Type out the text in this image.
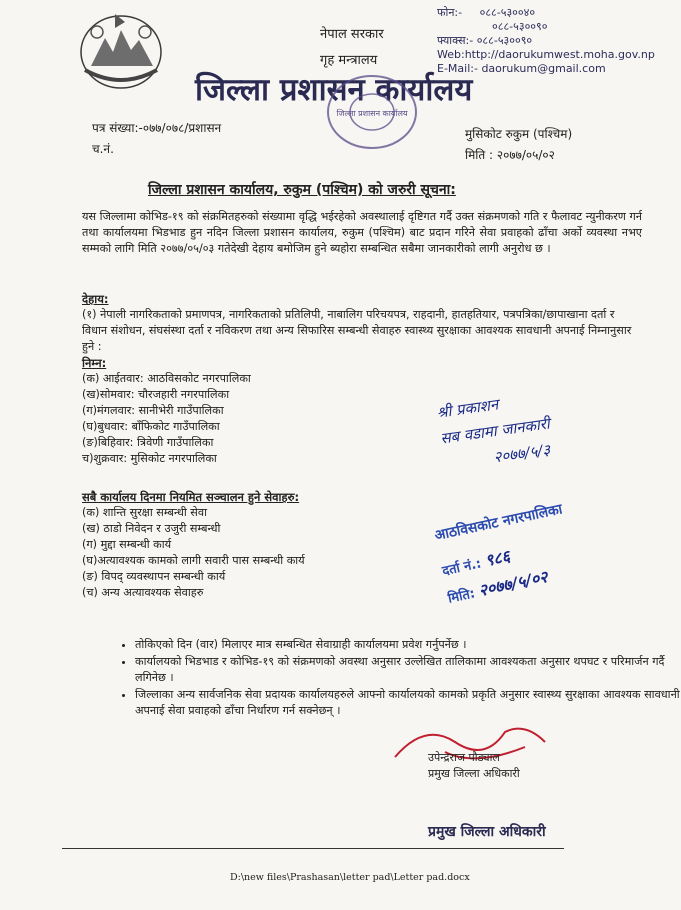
नेपाल सरकार
गृह मन्त्रालय
फोन:- ०८८-५३००४०
०८८-५३००९०
फ्याक्स:- ०८८-५३००९०
Web:http://daorukumwest.moha.gov.np
E-Mail:- daorukum@gmail.com
जिल्ला प्रशासन कार्यालय
जिल्ला प्रशासन कार्यालय
पत्र संख्या:-०७७/०७८/प्रशासन
च.नं.
मुसिकोट रुकुम (पश्चिम)
मिति : २०७७/०५/०२
जिल्ला प्रशासन कार्यालय, रुकुम (पश्चिम) को जरुरी सूचना:
यस जिल्लामा कोभिड-१९ को संक्रमितहरुको संख्यामा वृद्धि भईरहेको अवस्थालाई दृष्टिगत गर्दै उक्त संक्रमणको गति र फैलावट न्युनीकरण गर्न तथा कार्यालयमा भिडभाड हुन नदिन जिल्ला प्रशासन कार्यालय, रुकुम (पश्चिम) बाट प्रदान गरिने सेवा प्रवाहको ढाँचा अर्को व्यवस्था नभए सम्मको लागि मिति २०७७/०५/०३ गतेदेखी देहाय बमोजिम हुने ब्यहोरा सम्बन्धित सबैमा जानकारीको लागी अनुरोध छ ।
देहाय:
(१) नेपाली नागरिकताको प्रमाणपत्र, नागरिकताको प्रतिलिपी, नाबालिग परिचयपत्र, राहदानी, हातहतियार, पत्रपत्रिका/छापाखाना दर्ता र विधान संशोधन, संघसंस्था दर्ता र नविकरण तथा अन्य सिफारिस सम्बन्धी सेवाहरु स्वास्थ्य सुरक्षाका आवश्यक सावधानी अपनाई निम्नानुसार हुने :
निम्न:
(क) आईतवार: आठविसकोट नगरपालिका
(ख)सोमवार: चौरजहारी नगरपालिका
(ग)मंगलवार: सानीभेरी गाउँपालिका
(घ)बुधवार: बाँफिकोट गाउँपालिका
(ङ)बिहिवार: त्रिवेणी गाउँपालिका
च)शुक्रवार: मुसिकोट नगरपालिका
सबै कार्यालय दिनमा नियमित सञ्चालन हुने सेवाहरु:
(क) शान्ति सुरक्षा सम्बन्धी सेवा
(ख) ठाडो निवेदन र उजुरी सम्बन्धी
(ग) मुद्दा सम्बन्धी कार्य
(घ)अत्यावश्यक कामको लागी सवारी पास सम्बन्धी कार्य
(ङ) विपद् व्यवस्थापन सम्बन्धी कार्य
(च) अन्य अत्यावश्यक सेवाहरु
श्री प्रकाशन
सब वडामा जानकारी
२०७७/५/३
आठविसकोट नगरपालिका
दर्ता नं.: ९८६
मिति: २०७७/५/०२
• तोकिएको दिन (वार) मिलाएर मात्र सम्बन्धित सेवाग्राही कार्यालयमा प्रवेश गर्नुपर्नेछ ।
• कार्यालयको भिडभाड र कोभिड-१९ को संक्रमणको अवस्था अनुसार उल्लेखित तालिकामा आवश्यकता अनुसार थपघट र परिमार्जन गर्दै लगिनेछ ।
• जिल्लाका अन्य सार्वजनिक सेवा प्रदायक कार्यालयहरुले आफ्नो कार्यालयको कामको प्रकृति अनुसार स्वास्थ्य सुरक्षाका आवश्यक सावधानी अपनाई सेवा प्रवाहको ढाँचा निर्धारण गर्न सक्नेछन् ।
उपेन्द्रराज पौड्याल
प्रमुख जिल्ला अधिकारी
प्रमुख जिल्ला अधिकारी
D:\new files\Prashasan\letter pad\Letter pad.docx
